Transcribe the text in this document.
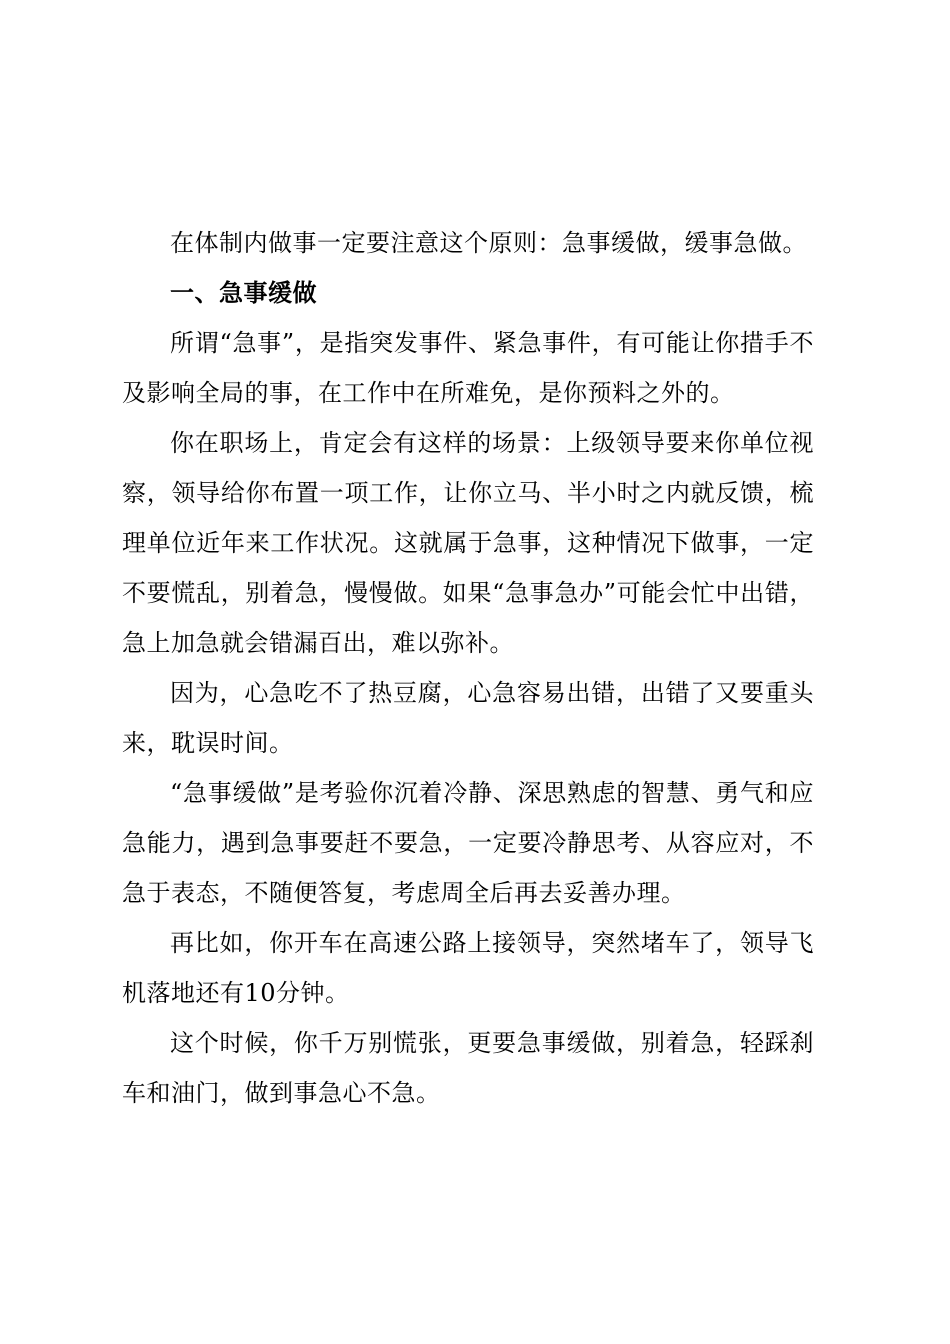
在体制内做事一定要注意这个原则：急事缓做，缓事急做。

一、急事缓做

所谓“急事”，是指突发事件、紧急事件，有可能让你措手不及影响全局的事，在工作中在所难免，是你预料之外的。

你在职场上，肯定会有这样的场景：上级领导要来你单位视察，领导给你布置一项工作，让你立马、半小时之内就反馈，梳理单位近年来工作状况。这就属于急事，这种情况下做事，一定不要慌乱，别着急，慢慢做。如果“急事急办”可能会忙中出错，急上加急就会错漏百出，难以弥补。

因为，心急吃不了热豆腐，心急容易出错，出错了又要重头来，耽误时间。

“急事缓做”是考验你沉着冷静、深思熟虑的智慧、勇气和应急能力，遇到急事要赶不要急，一定要冷静思考、从容应对，不急于表态，不随便答复，考虑周全后再去妥善办理。

再比如，你开车在高速公路上接领导，突然堵车了，领导飞机落地还有10分钟。

这个时候，你千万别慌张，更要急事缓做，别着急，轻踩刹车和油门，做到事急心不急。
